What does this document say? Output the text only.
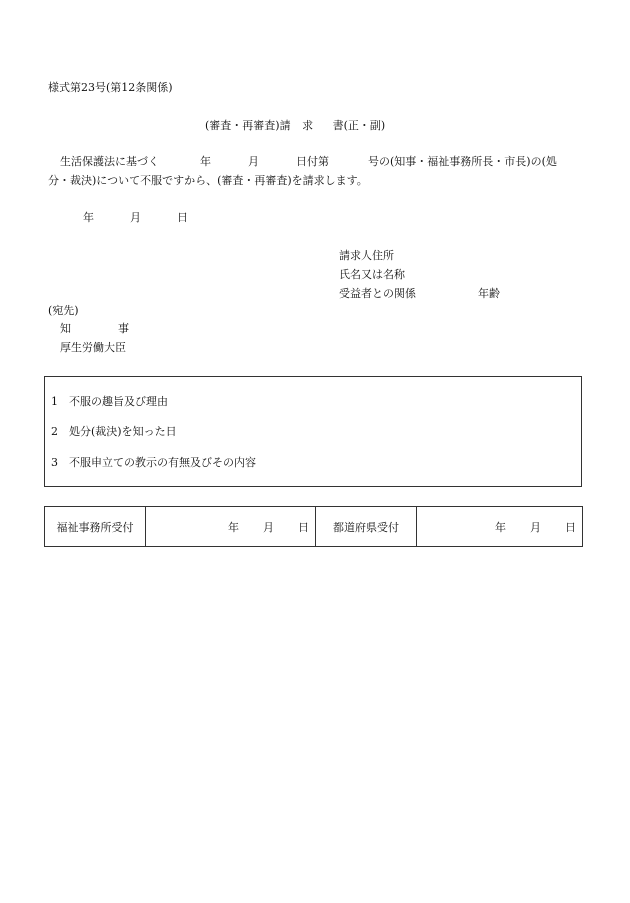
様式第23号(第12条関係)
(審査・再審査)請 求 書(正・副)
生活保護法に基づく	年	月	日付第	号の(知事・福祉事務所長・市長)の(処
分・裁決)について不服ですから、(審査・再審査)を請求します。
年	月	日
請求人住所
氏名又は名称
受益者との関係	年齢
(宛先)
知	事
厚生労働大臣
1　不服の趣旨及び理由
2　処分(裁決)を知った日
3　不服申立ての教示の有無及びその内容
福祉事務所受付	年 月 日	都道府県受付	年 月 日
